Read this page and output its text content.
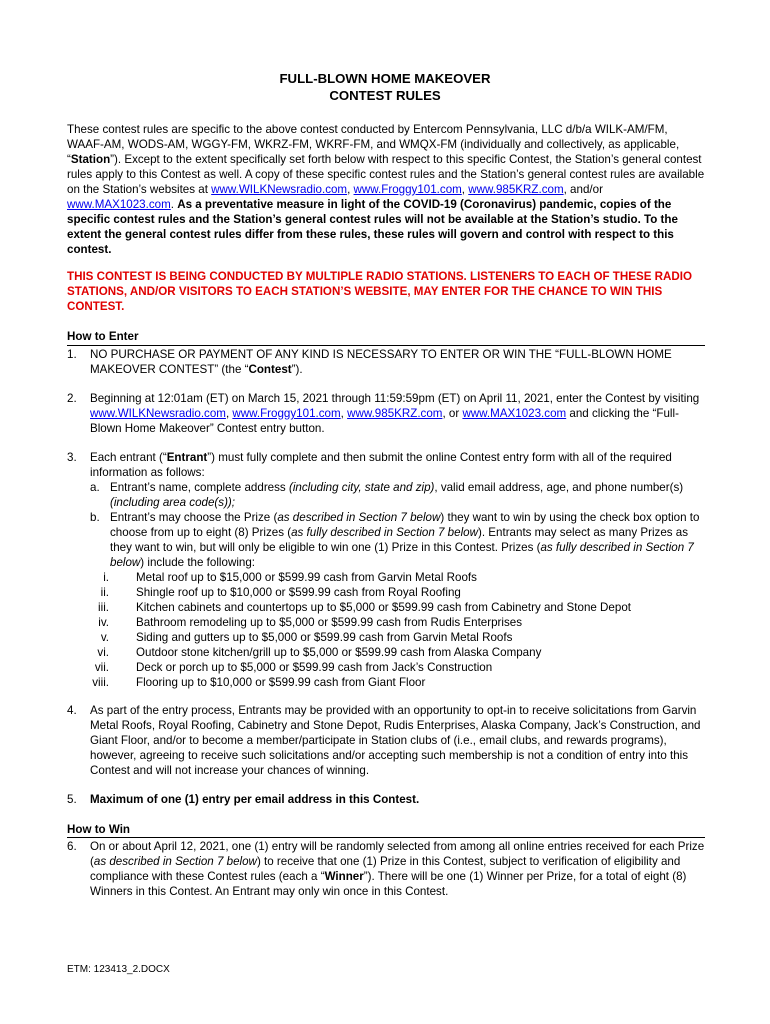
FULL-BLOWN HOME MAKEOVER
CONTEST RULES
These contest rules are specific to the above contest conducted by Entercom Pennsylvania, LLC d/b/a WILK-AM/FM, WAAF-AM, WODS-AM, WGGY-FM, WKRZ-FM, WKRF-FM, and WMQX-FM (individually and collectively, as applicable, “Station”). Except to the extent specifically set forth below with respect to this specific Contest, the Station’s general contest rules apply to this Contest as well. A copy of these specific contest rules and the Station’s general contest rules are available on the Station’s websites at www.WILKNewsradio.com, www.Froggy101.com, www.985KRZ.com, and/or www.MAX1023.com. As a preventative measure in light of the COVID-19 (Coronavirus) pandemic, copies of the specific contest rules and the Station’s general contest rules will not be available at the Station’s studio. To the extent the general contest rules differ from these rules, these rules will govern and control with respect to this contest.
THIS CONTEST IS BEING CONDUCTED BY MULTIPLE RADIO STATIONS. LISTENERS TO EACH OF THESE RADIO STATIONS, AND/OR VISITORS TO EACH STATION’S WEBSITE, MAY ENTER FOR THE CHANCE TO WIN THIS CONTEST.
How to Enter
1.	NO PURCHASE OR PAYMENT OF ANY KIND IS NECESSARY TO ENTER OR WIN THE “FULL-BLOWN HOME MAKEOVER CONTEST” (the “Contest”).
2.	Beginning at 12:01am (ET) on March 15, 2021 through 11:59:59pm (ET) on April 11, 2021, enter the Contest by visiting www.WILKNewsradio.com, www.Froggy101.com, www.985KRZ.com, or www.MAX1023.com and clicking the “Full-Blown Home Makeover” Contest entry button.
3.	Each entrant (“Entrant”) must fully complete and then submit the online Contest entry form with all of the required information as follows:
a. Entrant’s name, complete address (including city, state and zip), valid email address, age, and phone number(s) (including area code(s));
b. Entrant’s may choose the Prize (as described in Section 7 below) they want to win by using the check box option to choose from up to eight (8) Prizes (as fully described in Section 7 below). Entrants may select as many Prizes as they want to win, but will only be eligible to win one (1) Prize in this Contest. Prizes (as fully described in Section 7 below) include the following:
i. Metal roof up to $15,000 or $599.99 cash from Garvin Metal Roofs
ii. Shingle roof up to $10,000 or $599.99 cash from Royal Roofing
iii. Kitchen cabinets and countertops up to $5,000 or $599.99 cash from Cabinetry and Stone Depot
iv. Bathroom remodeling up to $5,000 or $599.99 cash from Rudis Enterprises
v. Siding and gutters up to $5,000 or $599.99 cash from Garvin Metal Roofs
vi. Outdoor stone kitchen/grill up to $5,000 or $599.99 cash from Alaska Company
vii. Deck or porch up to $5,000 or $599.99 cash from Jack’s Construction
viii. Flooring up to $10,000 or $599.99 cash from Giant Floor
4.	As part of the entry process, Entrants may be provided with an opportunity to opt-in to receive solicitations from Garvin Metal Roofs, Royal Roofing, Cabinetry and Stone Depot, Rudis Enterprises, Alaska Company, Jack’s Construction, and Giant Floor, and/or to become a member/participate in Station clubs of (i.e., email clubs, and rewards programs), however, agreeing to receive such solicitations and/or accepting such membership is not a condition of entry into this Contest and will not increase your chances of winning.
5.	Maximum of one (1) entry per email address in this Contest.
How to Win
6.	On or about April 12, 2021, one (1) entry will be randomly selected from among all online entries received for each Prize (as described in Section 7 below) to receive that one (1) Prize in this Contest, subject to verification of eligibility and compliance with these Contest rules (each a “Winner”). There will be one (1) Winner per Prize, for a total of eight (8) Winners in this Contest. An Entrant may only win once in this Contest.
ETM: 123413_2.DOCX
